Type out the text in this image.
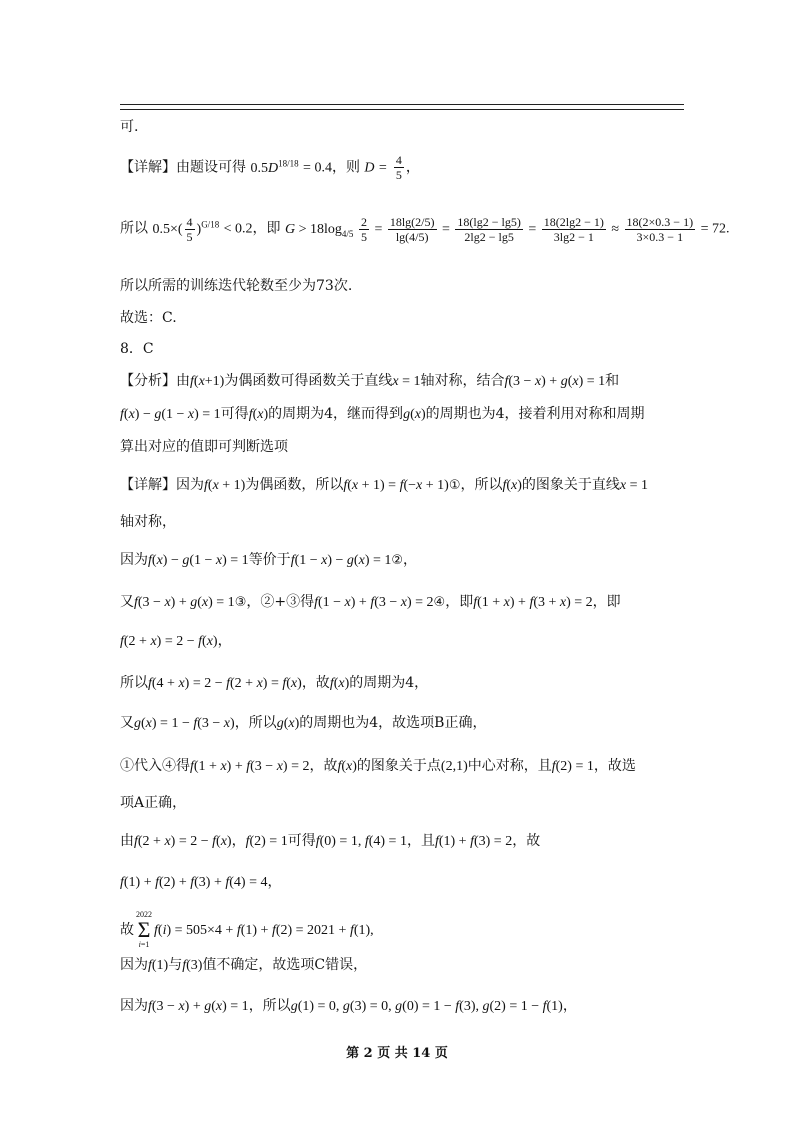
可.
【详解】由题设可得 $0.5D^{18/18} = 0.4$，则 $D = \frac{4}{5}$ ，
所以 $0.5\times( \frac{4}{5} )^{G/18} < 0.2$，即 $G > 18\log_{4/5} \frac{2}{5} = \frac{18\lg(2/5)}{\lg(4/5)} = \frac{18(\lg 2 - \lg 5)}{2\lg 2 - \lg 5} = \frac{18(2\lg 2 - 1)}{3\lg 2 - 1} \approx \frac{18(2\times 0.3 - 1)}{3\times 0.3 - 1} = 72$.
所以所需的训练迭代轮数至少为73次.
故选：C.
8．C
【分析】由f(x+1)为偶函数可得函数关于直线x = 1轴对称，结合f(3 − x) + g(x) = 1和
f(x) − g(1 − x) = 1可得f(x)的周期为4，继而得到g(x)的周期也为4，接着利用对称和周期
算出对应的值即可判断选项
【详解】因为f(x + 1)为偶函数，所以f(x + 1) = f(−x + 1)①，所以f(x)的图象关于直线x = 1
轴对称，
因为f(x) − g(1 − x) = 1等价于f(1 − x) − g(x) = 1②，
又f(3 − x) + g(x) = 1③，②+③得f(1 − x) + f(3 − x) = 2④，即f(1 + x) + f(3 + x) = 2，即
f(2 + x) = 2 − f(x)，
所以f(4 + x) = 2 − f(2 + x) = f(x)，故f(x)的周期为4，
又g(x) = 1 − f(3 − x)，所以g(x)的周期也为4，故选项B正确，
①代入④得f(1 + x) + f(3 − x) = 2，故f(x)的图象关于点(2,1)中心对称，且f(2) = 1，故选
项A正确，
由f(2 + x) = 2 − f(x)，f(2) = 1可得f(0) = 1, f(4) = 1，且f(1) + f(3) = 2，故
f(1) + f(2) + f(3) + f(4) = 4，
故
2022
Σ
i=1
f(i) = 505×4 + f(1) + f(2) = 2021 + f(1),
因为f(1)与f(3)值不确定，故选项C错误，
因为f(3 − x) + g(x) = 1，所以g(1) = 0, g(3) = 0, g(0) = 1 − f(3), g(2) = 1 − f(1)，
第 2 页 共 14 页
